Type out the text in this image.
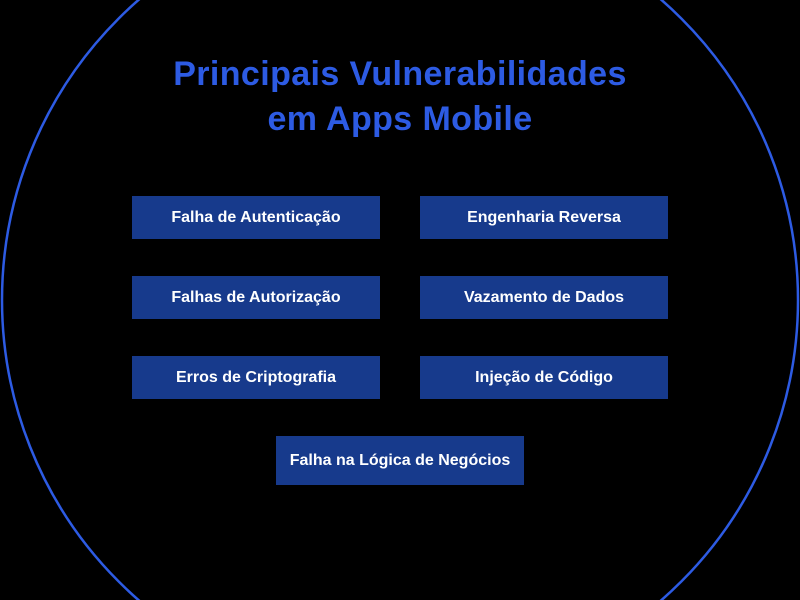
Principais Vulnerabilidades
em Apps Mobile
Falha de Autenticação	Engenharia Reversa
Falhas de Autorização	Vazamento de Dados
Erros de Criptografia	Injeção de Código
Falha na Lógica de Negócios
